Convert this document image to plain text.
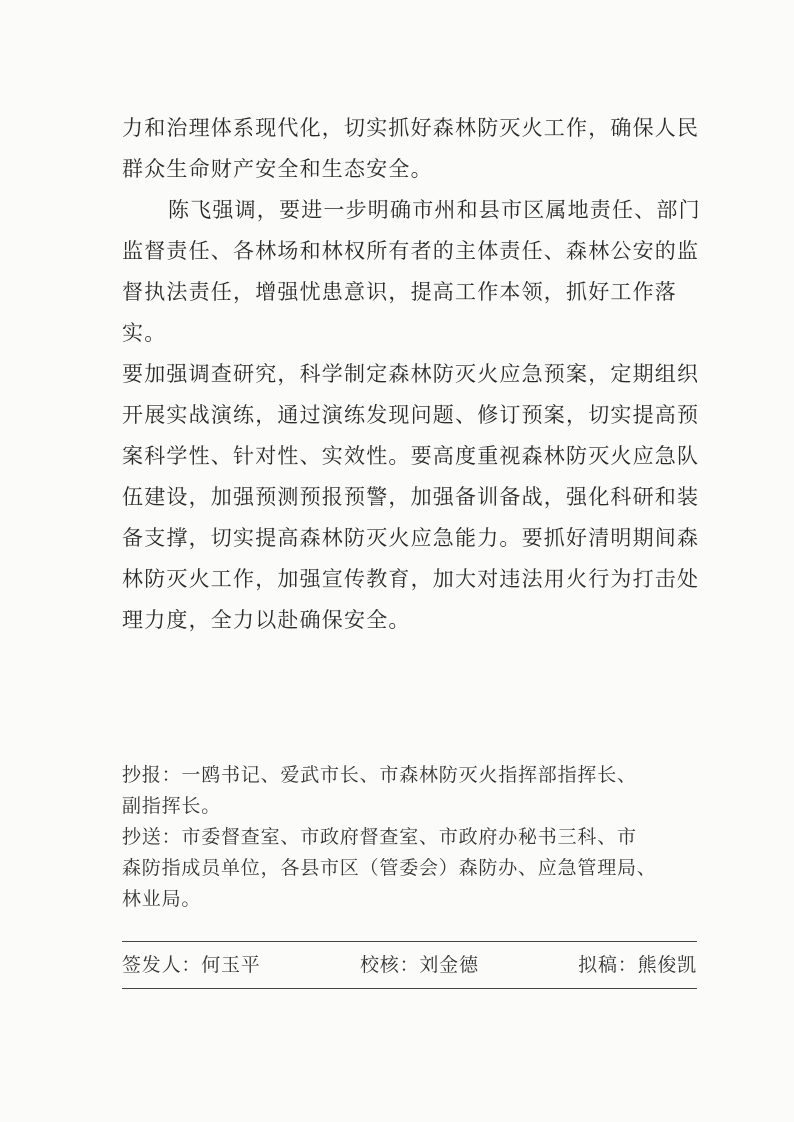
力和治理体系现代化，切实抓好森林防灭火工作，确保人民
群众生命财产安全和生态安全。

陈飞强调，要进一步明确市州和县市区属地责任、部门
监督责任、各林场和林权所有者的主体责任、森林公安的监
督执法责任，增强忧患意识，提高工作本领，抓好工作落实。
要加强调查研究，科学制定森林防灭火应急预案，定期组织
开展实战演练，通过演练发现问题、修订预案，切实提高预
案科学性、针对性、实效性。要高度重视森林防灭火应急队
伍建设，加强预测预报预警，加强备训备战，强化科研和装
备支撑，切实提高森林防灭火应急能力。要抓好清明期间森
林防灭火工作，加强宣传教育，加大对违法用火行为打击处
理力度，全力以赴确保安全。

抄报：一鸥书记、爱武市长、市森林防灭火指挥部指挥长、
副指挥长。

抄送：市委督查室、市政府督查室、市政府办秘书三科、市
森防指成员单位，各县市区（管委会）森防办、应急管理局、
林业局。

签发人：何玉平	校核：刘金德	拟稿：熊俊凯
